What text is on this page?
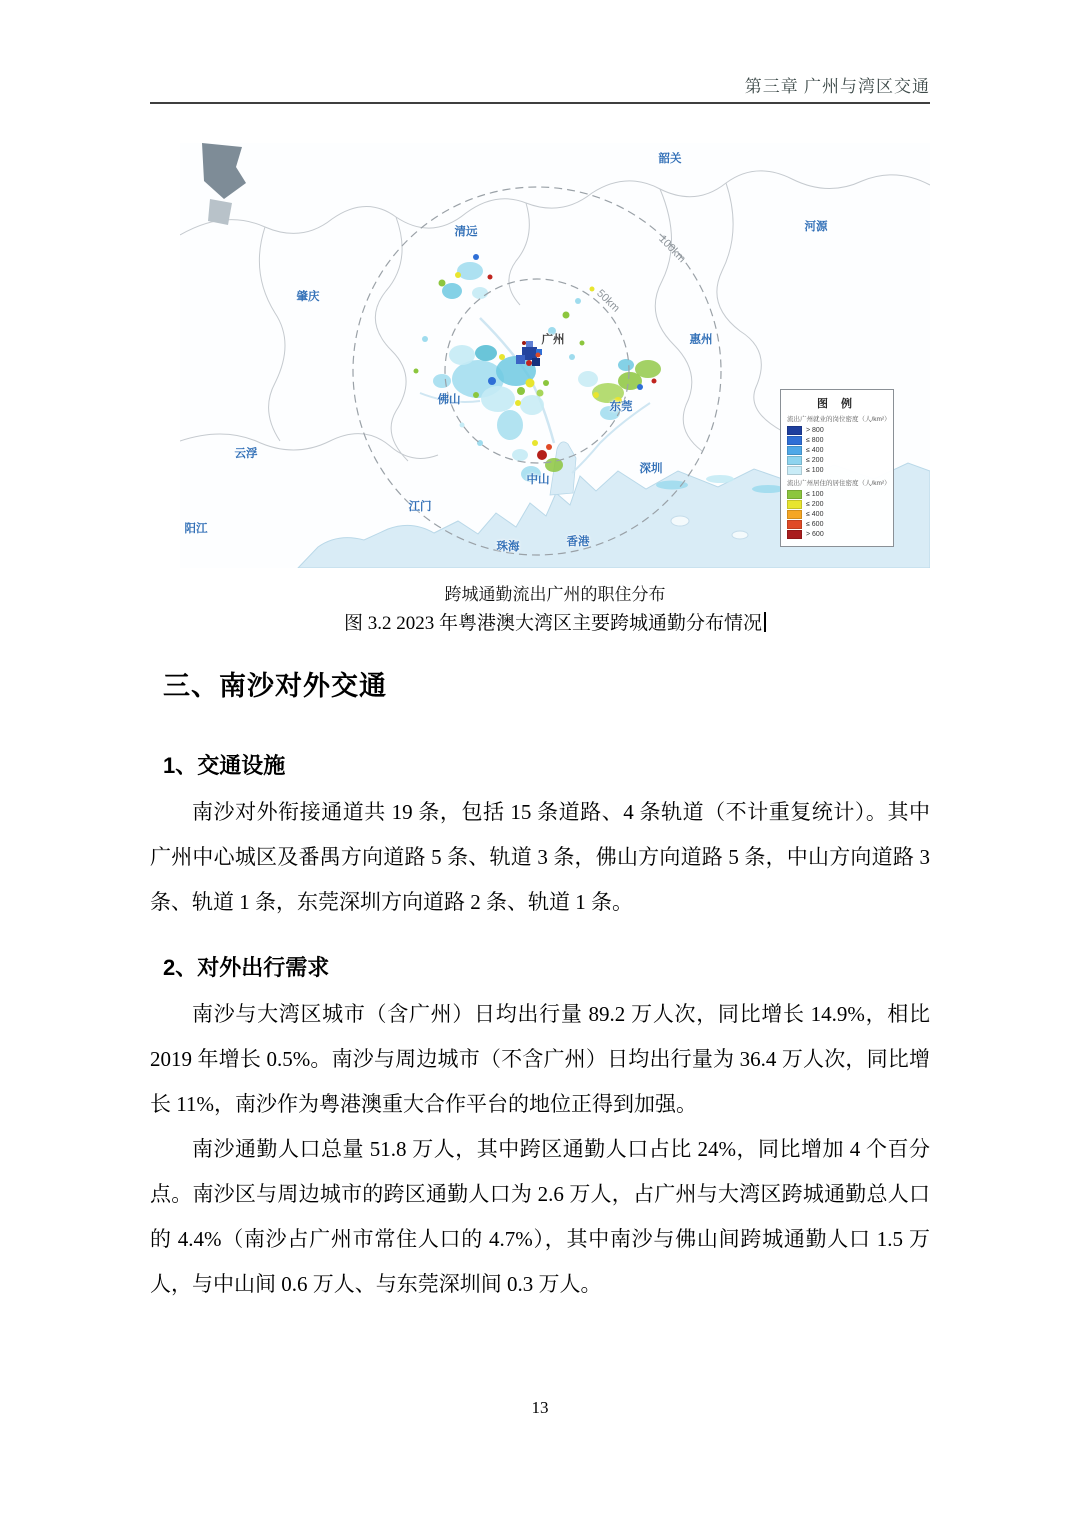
第三章 广州与湾区交通
韶关
清远	河源
肇庆
广州	惠州
佛山
东莞
云浮
深圳
中山
江门
阳江
珠海	香港
50km
100km
图 例
流出广州就业的岗位密度（人/km²）
> 800
≤ 800
≤ 400
≤ 200
≤ 100
流出广州居住的居住密度（人/km²）
≤ 100
≤ 200
≤ 400
≤ 600
> 600
跨城通勤流出广州的职住分布
图 3.2 2023 年粤港澳大湾区主要跨城通勤分布情况
三、南沙对外交通
1、交通设施

南沙对外衔接通道共 19 条，包括 15 条道路、4 条轨道（不计重复统计）。其中广州中心城区及番禺方向道路 5 条、轨道 3 条，佛山方向道路 5 条，中山方向道路 3 条、轨道 1 条，东莞深圳方向道路 2 条、轨道 1 条。

2、对外出行需求

南沙与大湾区城市（含广州）日均出行量 89.2 万人次，同比增长 14.9%，相比 2019 年增长 0.5%。南沙与周边城市（不含广州）日均出行量为 36.4 万人次，同比增长 11%，南沙作为粤港澳重大合作平台的地位正得到加强。

南沙通勤人口总量 51.8 万人，其中跨区通勤人口占比 24%，同比增加 4 个百分点。南沙区与周边城市的跨区通勤人口为 2.6 万人，占广州与大湾区跨城通勤总人口的 4.4%（南沙占广州市常住人口的 4.7%），其中南沙与佛山间跨城通勤人口 1.5 万人，与中山间 0.6 万人、与东莞深圳间 0.3 万人。

13
